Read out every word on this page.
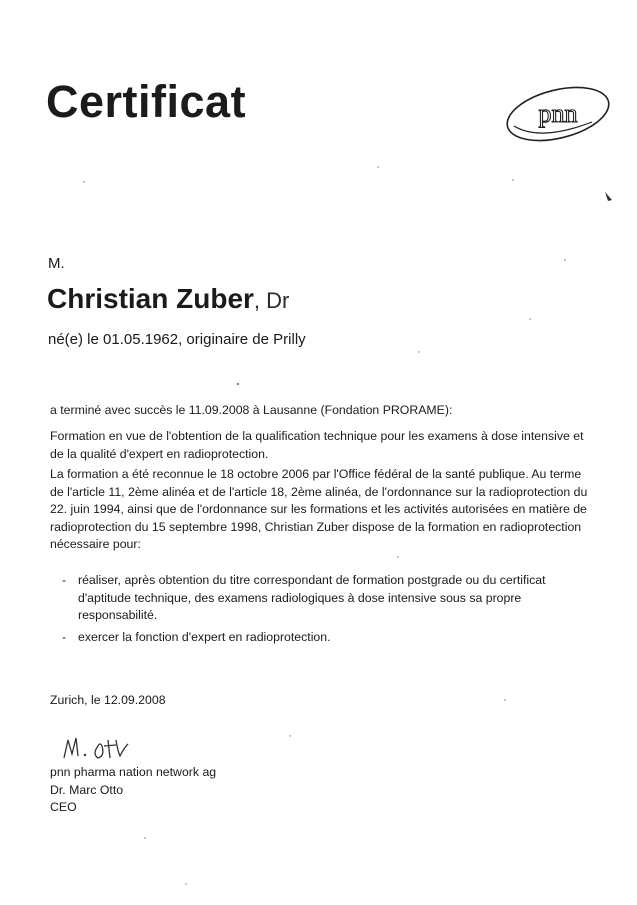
Certificat	pnn
M.
Christian Zuber, Dr
né(e) le 01.05.1962, originaire de Prilly
a terminé avec succès le 11.09.2008 à Lausanne (Fondation PRORAME):
Formation en vue de l'obtention de la qualification technique pour les examens à dose intensive et de la qualité d'expert en radioprotection.
La formation a été reconnue le 18 octobre 2006 par l'Office fédéral de la santé publique. Au terme de l'article 11, 2ème alinéa et de l'article 18, 2ème alinéa, de l'ordonnance sur la radioprotection du 22. juin 1994, ainsi que de l'ordonnance sur les formations et les activités autorisées en matière de radioprotection du 15 septembre 1998, Christian Zuber dispose de la formation en radioprotection nécessaire pour:
- réaliser, après obtention du titre correspondant de formation postgrade ou du certificat d'aptitude technique, des examens radiologiques à dose intensive sous sa propre responsabilité.
- exercer la fonction d'expert en radioprotection.
Zurich, le 12.09.2008
pnn pharma nation network ag
Dr. Marc Otto
CEO
